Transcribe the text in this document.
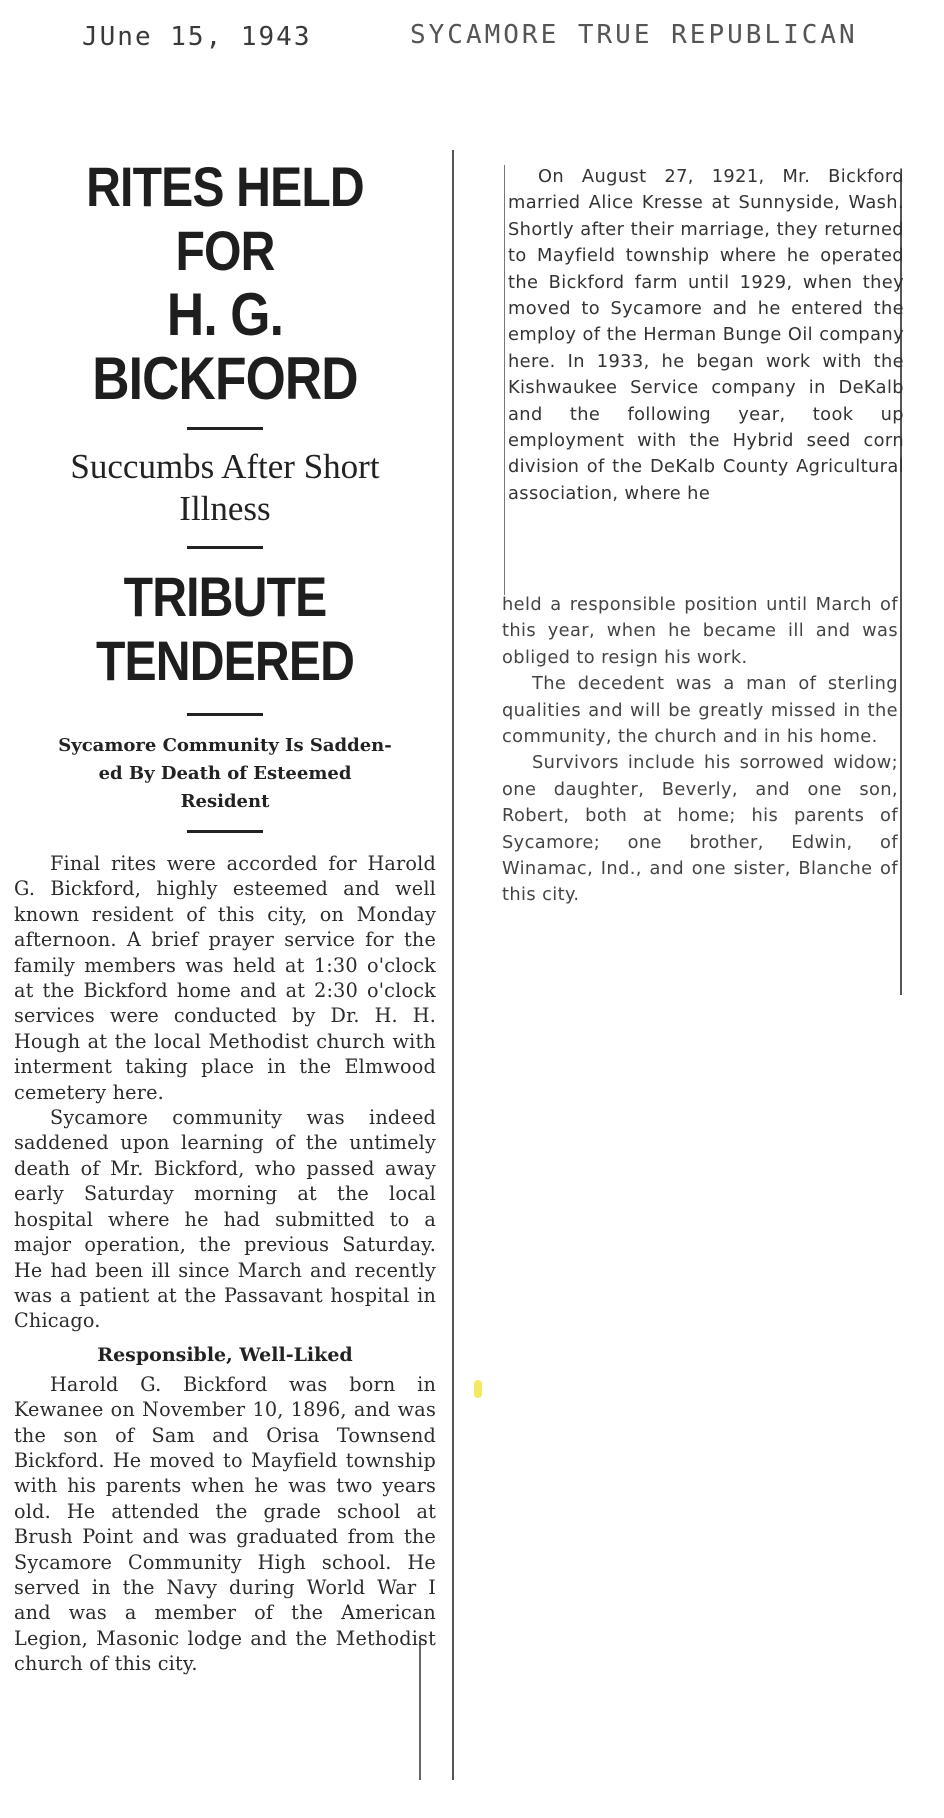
JUne 15, 1943	SYCAMORE TRUE REPUBLICAN
RITES HELD FOR
H. G. BICKFORD
Succumbs After Short
Illness
TRIBUTE TENDERED
Sycamore Community Is Sadden-
ed By Death of Esteemed
Resident

Final rites were accorded for Harold G. Bickford, highly esteemed and well known resident of this city, on Monday afternoon. A brief prayer service for the family members was held at 1:30 o'clock at the Bickford home and at 2:30 o'clock services were conducted by Dr. H. H. Hough at the local Methodist church with interment taking place in the Elmwood cemetery here.

Sycamore community was indeed saddened upon learning of the untimely death of Mr. Bickford, who passed away early Saturday morning at the local hospital where he had submitted to a major operation, the previous Saturday. He had been ill since March and recently was a patient at the Passavant hospital in Chicago.

Responsible, Well-Liked

Harold G. Bickford was born in Kewanee on November 10, 1896, and was the son of Sam and Orisa Townsend Bickford. He moved to Mayfield township with his parents when he was two years old. He attended the grade school at Brush Point and was graduated from the Sycamore Community High school. He served in the Navy during World War I and was a member of the American Legion, Masonic lodge and the Methodist church of this city.

On August 27, 1921, Mr. Bickford married Alice Kresse at Sunnyside, Wash. Shortly after their marriage, they returned to Mayfield township where he operated the Bickford farm until 1929, when they moved to Sycamore and he entered the employ of the Herman Bunge Oil company here. In 1933, he began work with the Kishwaukee Service company in DeKalb and the following year, took up employment with the Hybrid seed corn division of the DeKalb County Agricultural association, where he

held a responsible position until March of this year, when he became ill and was obliged to resign his work.

The decedent was a man of sterling qualities and will be greatly missed in the community, the church and in his home.

Survivors include his sorrowed widow; one daughter, Beverly, and one son, Robert, both at home; his parents of Sycamore; one brother, Edwin, of Winamac, Ind., and one sister, Blanche of this city.
